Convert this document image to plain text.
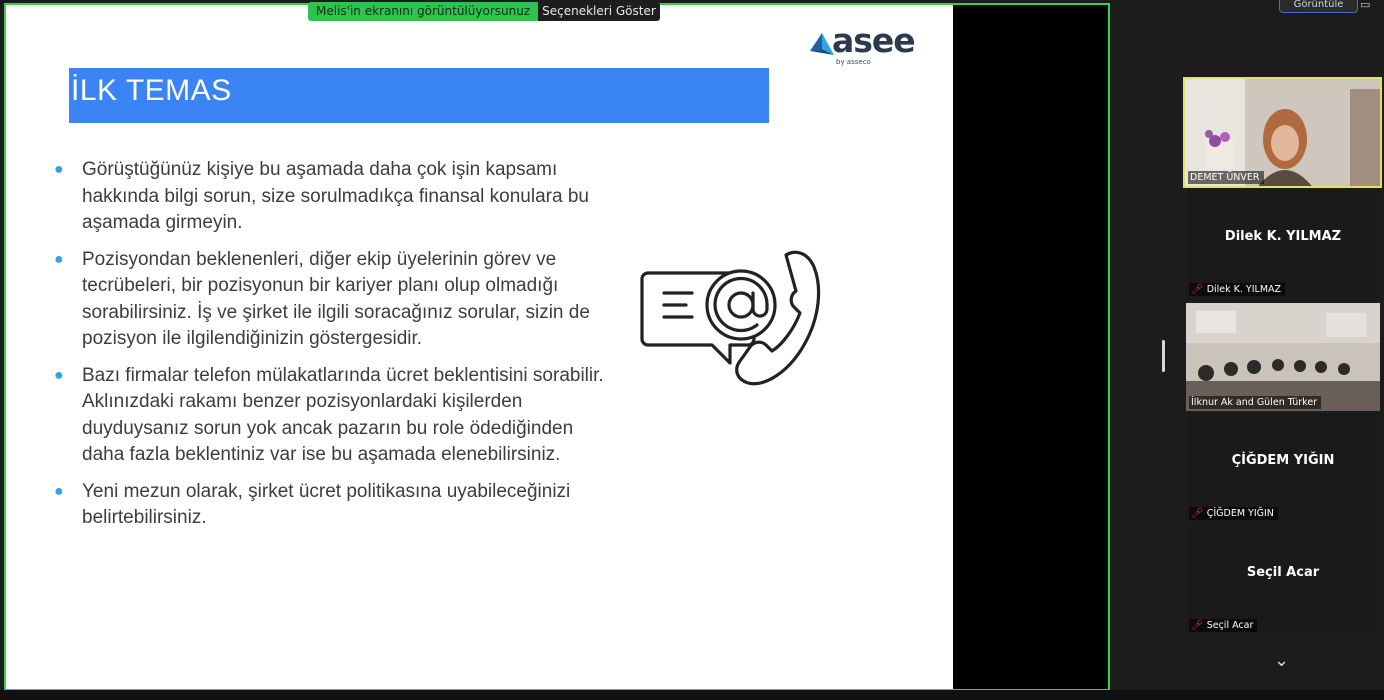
asee
by asseco
İLK TEMAS
● Görüştüğünüz kişiye bu aşamada daha çok işin kapsamı hakkında bilgi sorun, size sorulmadıkça finansal konulara bu aşamada girmeyin.
● Pozisyondan beklenenleri, diğer ekip üyelerinin görev ve tecrübeleri, bir pozisyonun bir kariyer planı olup olmadığı sorabilirsiniz. İş ve şirket ile ilgili soracağınız sorular, sizin de pozisyon ile ilgilendiğinizin göstergesidir.
● Bazı firmalar telefon mülakatlarında ücret beklentisini sorabilir. Aklınızdaki rakamı benzer pozisyonlardaki kişilerden duyduysanız sorun yok ancak pazarın bu role ödediğinden daha fazla beklentiniz var ise bu aşamada elenebilirsiniz.
● Yeni mezun olarak, şirket ücret politikasına uyabileceğinizi belirtebilirsiniz.
Melis'in ekranını görüntülüyorsunuz	Seçenekleri Göster	Görüntüle	▭
DEMET ÜNVER
Dilek K. YILMAZ
🎤︎ Dilek K. YILMAZ
İlknur Ak and Gülen Türker
ÇİĞDEM YIĞIN
🎤︎ ÇİĞDEM YIĞIN
Seçil Acar
🎤︎ Seçil Acar
⌄
